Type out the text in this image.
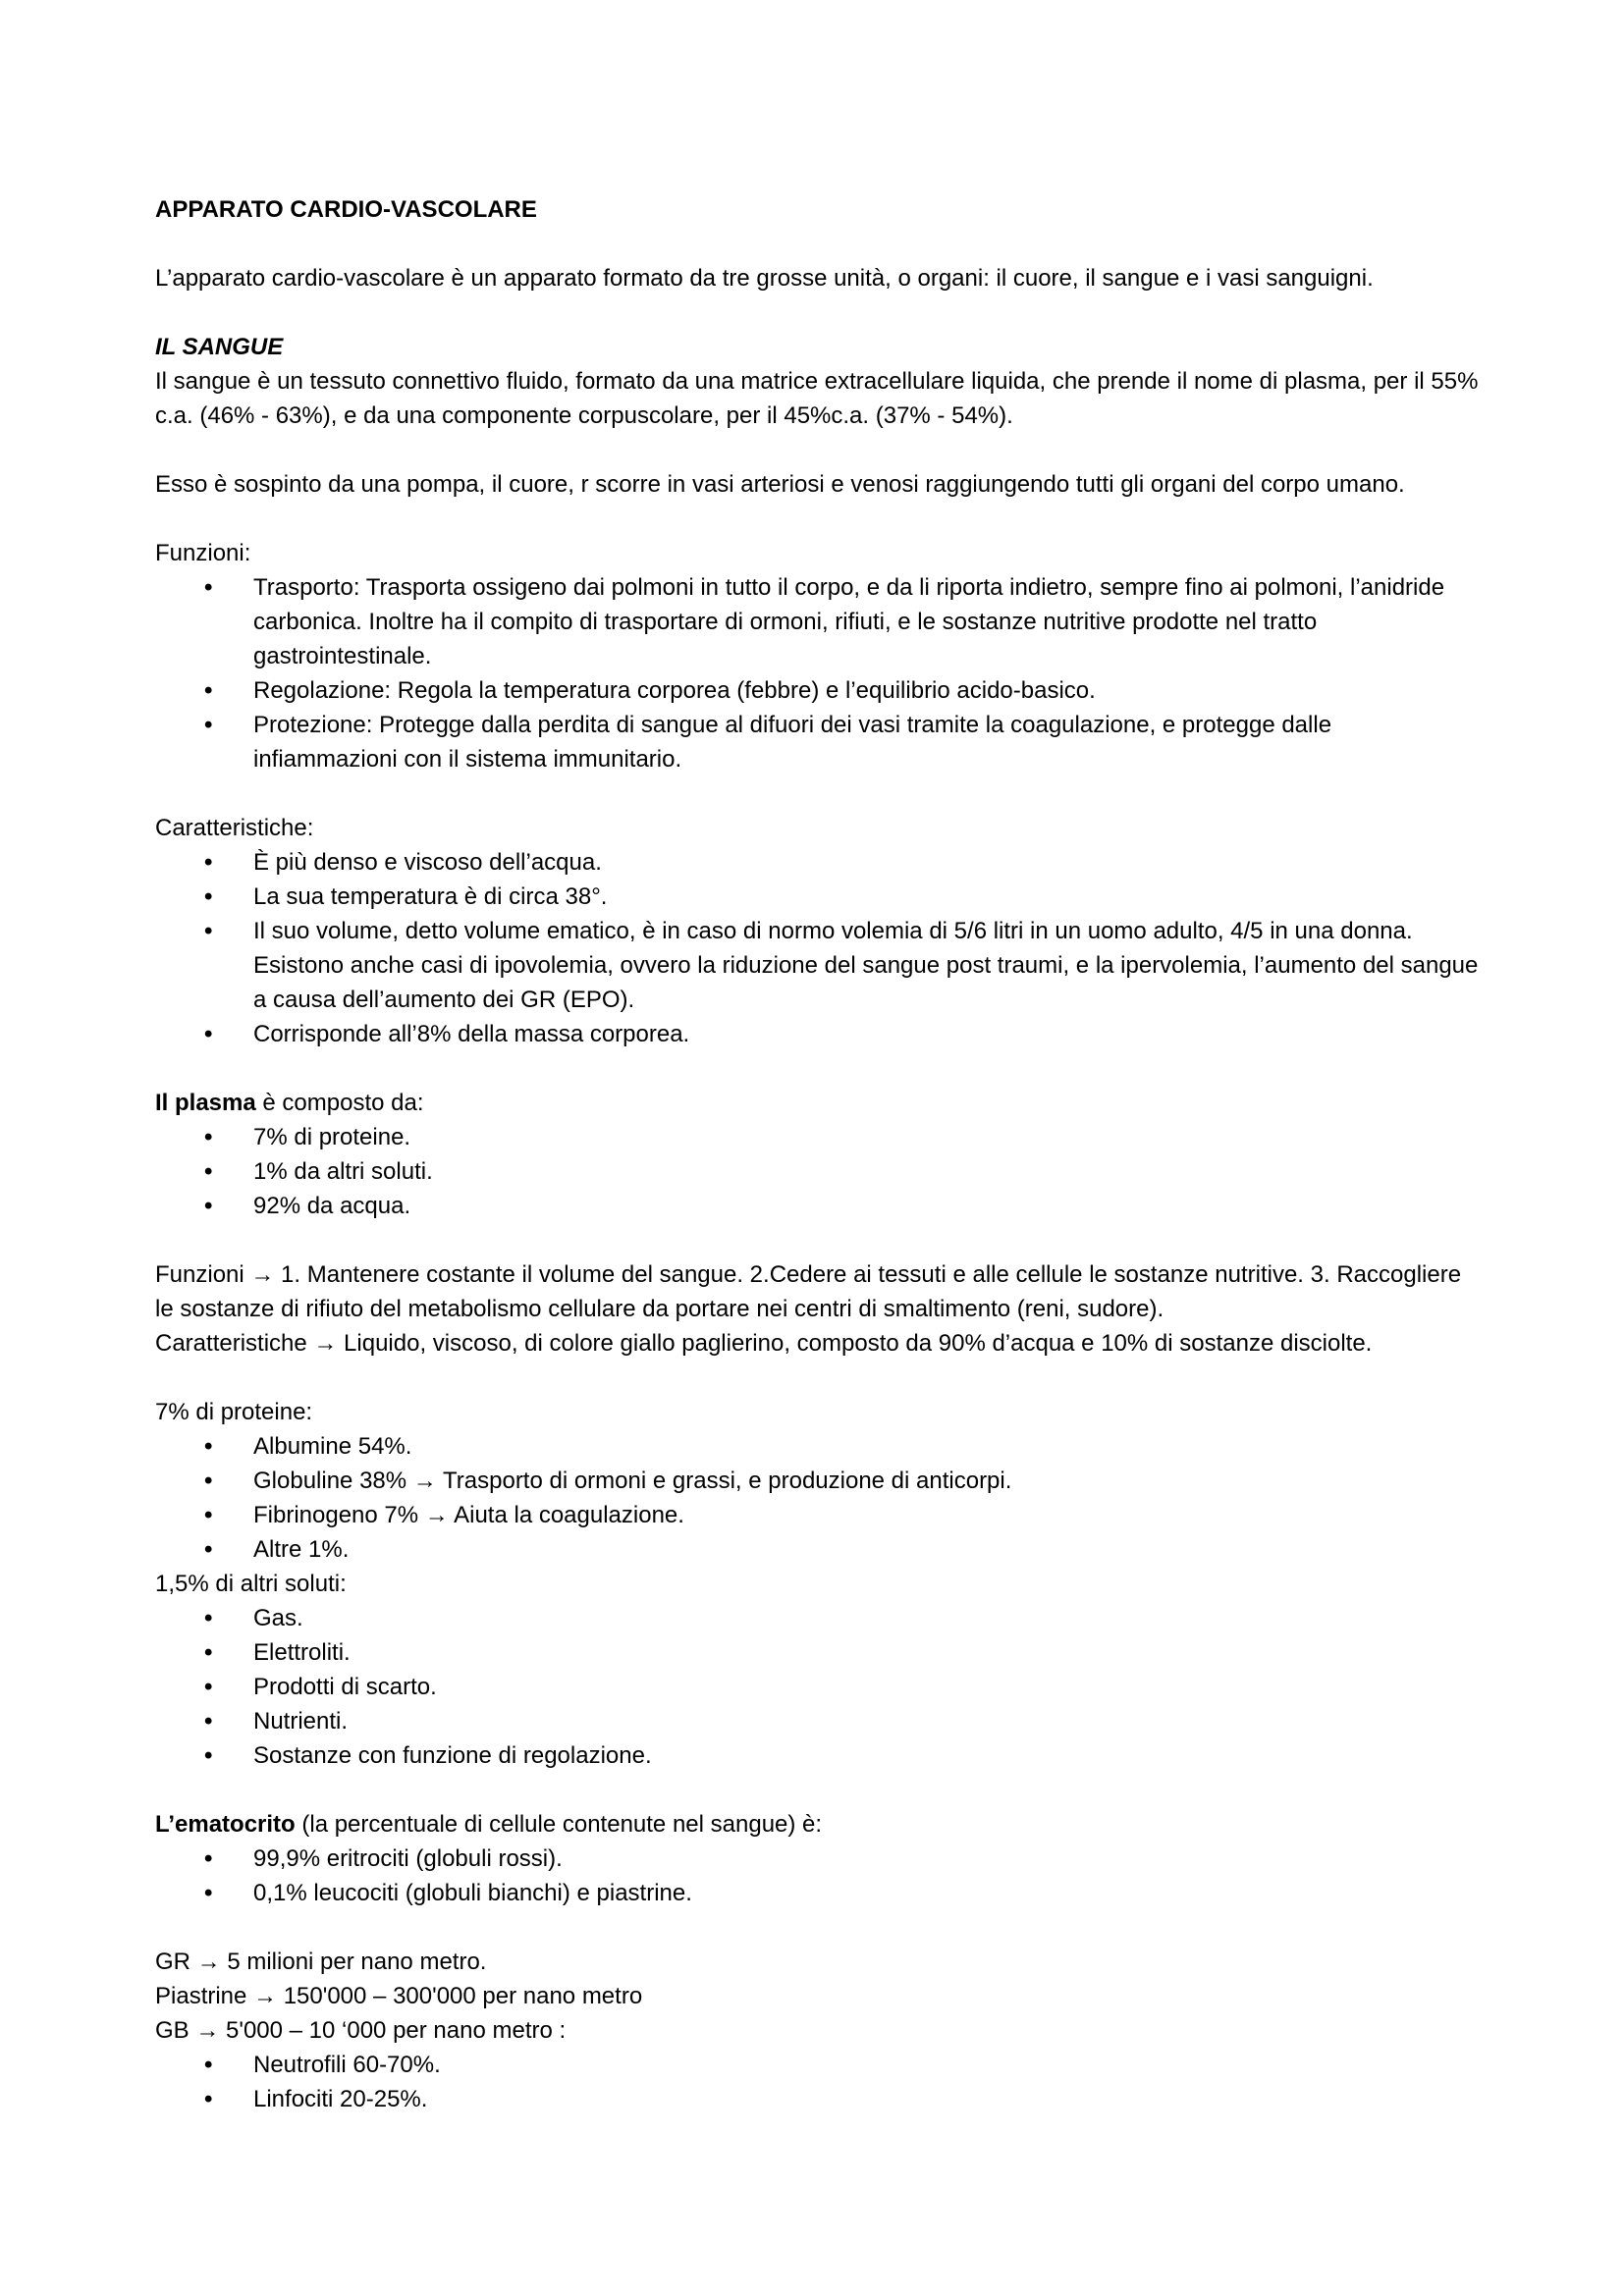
APPARATO CARDIO-VASCOLARE

L’apparato cardio-vascolare è un apparato formato da tre grosse unità, o organi: il cuore, il sangue e i vasi sanguigni.

IL SANGUE

Il sangue è un tessuto connettivo fluido, formato da una matrice extracellulare liquida, che prende il nome di plasma, per il 55% c.a. (46% - 63%), e da una componente corpuscolare, per il 45%c.a. (37% - 54%).

Esso è sospinto da una pompa, il cuore, r scorre in vasi arteriosi e venosi raggiungendo tutti gli organi del corpo umano.

Funzioni:

• Trasporto: Trasporta ossigeno dai polmoni in tutto il corpo, e da li riporta indietro, sempre fino ai polmoni, l’anidride carbonica. Inoltre ha il compito di trasportare di ormoni, rifiuti, e le sostanze nutritive prodotte nel tratto gastrointestinale.
• Regolazione: Regola la temperatura corporea (febbre) e l’equilibrio acido-basico.
• Protezione: Protegge dalla perdita di sangue al difuori dei vasi tramite la coagulazione, e protegge dalle infiammazioni con il sistema immunitario.

Caratteristiche:

• È più denso e viscoso dell’acqua.
• La sua temperatura è di circa 38°.
• Il suo volume, detto volume ematico, è in caso di normo volemia di 5/6 litri in un uomo adulto, 4/5 in una donna. Esistono anche casi di ipovolemia, ovvero la riduzione del sangue post traumi, e la ipervolemia, l’aumento del sangue a causa dell’aumento dei GR (EPO).
• Corrisponde all’8% della massa corporea.

Il plasma è composto da:

• 7% di proteine.
• 1% da altri soluti.
• 92% da acqua.

Funzioni → 1. Mantenere costante il volume del sangue. 2.Cedere ai tessuti e alle cellule le sostanze nutritive. 3. Raccogliere le sostanze di rifiuto del metabolismo cellulare da portare nei centri di smaltimento (reni, sudore).

Caratteristiche → Liquido, viscoso, di colore giallo paglierino, composto da 90% d’acqua e 10% di sostanze disciolte.

7% di proteine:

• Albumine 54%.
• Globuline 38% → Trasporto di ormoni e grassi, e produzione di anticorpi.
• Fibrinogeno 7% → Aiuta la coagulazione.
• Altre 1%.

1,5% di altri soluti:

• Gas.
• Elettroliti.
• Prodotti di scarto.
• Nutrienti.
• Sostanze con funzione di regolazione.

L’ematocrito (la percentuale di cellule contenute nel sangue) è:

• 99,9% eritrociti (globuli rossi).
• 0,1% leucociti (globuli bianchi) e piastrine.

GR → 5 milioni per nano metro.

Piastrine → 150'000 – 300'000 per nano metro

GB → 5'000 – 10 ‘000 per nano metro :

• Neutrofili 60-70%.
• Linfociti 20-25%.
